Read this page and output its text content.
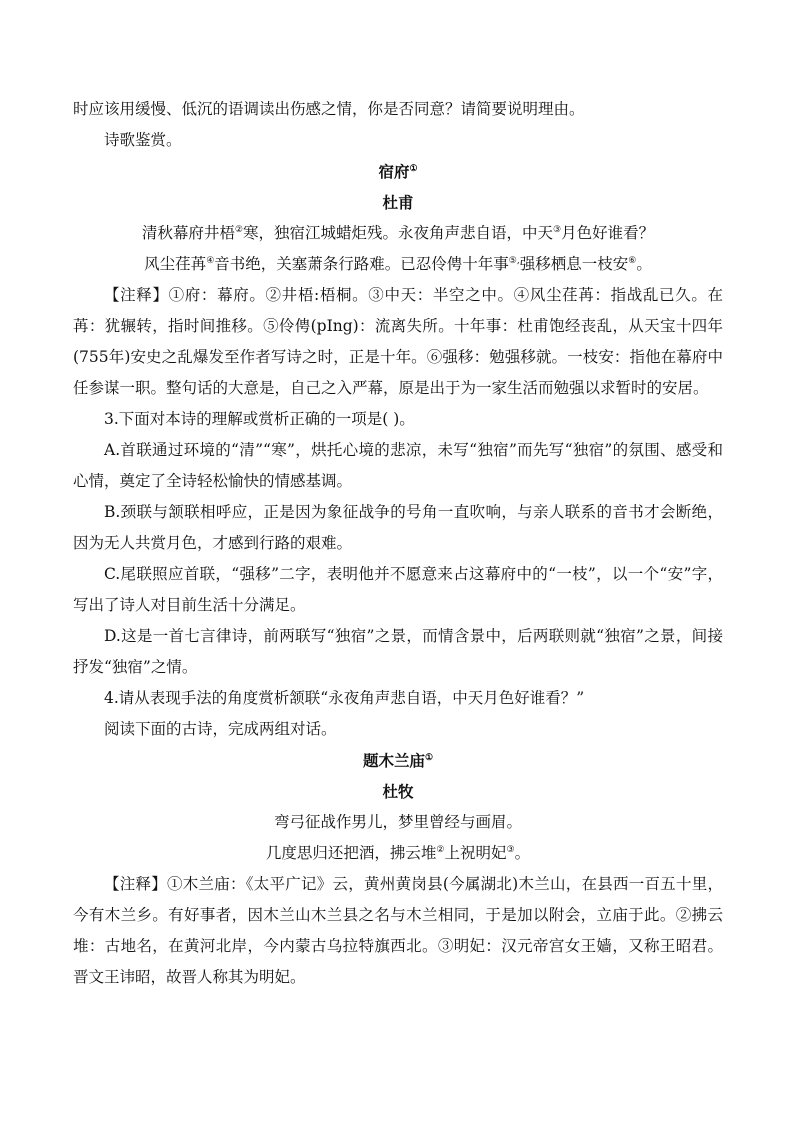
时应该用缓慢、低沉的语调读出伤感之情，你是否同意？请简要说明理由。
诗歌鉴赏。
宿府①
杜甫
清秋幕府井梧②寒，独宿江城蜡炬残。永夜角声悲自语，中天③月色好谁看？
风尘荏苒④音书绝，关塞萧条行路难。已忍伶俜十年事⑤,强移栖息一枝安⑥。
【注释】①府：幕府。②井梧:梧桐。③中天：半空之中。④风尘荏苒：指战乱已久。在苒：犹辗转，指时间推移。⑤伶俜(pIng)：流离失所。十年事：杜甫饱经丧乱，从天宝十四年(755年)安史之乱爆发至作者写诗之时，正是十年。⑥强移：勉强移就。一枝安：指他在幕府中任参谋一职。整句话的大意是，自己之入严幕，原是出于为一家生活而勉强以求暂时的安居。
3.下面对本诗的理解或赏析正确的一项是( )。
A.首联通过环境的“清”“寒”，烘托心境的悲凉，未写“独宿”而先写“独宿”的氛围、感受和心情，奠定了全诗轻松愉快的情感基调。
B.颈联与颔联相呼应，正是因为象征战争的号角一直吹响，与亲人联系的音书才会断绝，因为无人共赏月色，才感到行路的艰难。
C.尾联照应首联，“强移”二字，表明他并不愿意来占这幕府中的“一枝”，以一个“安”字，写出了诗人对目前生活十分满足。
D.这是一首七言律诗，前两联写“独宿”之景，而情含景中，后两联则就“独宿”之景，间接抒发“独宿”之情。
4.请从表现手法的角度赏析颔联“永夜角声悲自语，中天月色好谁看？”
阅读下面的古诗，完成两组对话。
题木兰庙①
杜牧
弯弓征战作男儿，梦里曾经与画眉。
几度思归还把酒，拂云堆②上祝明妃③。
【注释】①木兰庙：《太平广记》云，黄州黄岗县(今属湖北)木兰山，在县西一百五十里，今有木兰乡。有好事者，因木兰山木兰县之名与木兰相同，于是加以附会，立庙于此。②拂云堆：古地名，在黄河北岸，今内蒙古乌拉特旗西北。③明妃：汉元帝宫女王嫱，又称王昭君。晋文王讳昭，故晋人称其为明妃。
